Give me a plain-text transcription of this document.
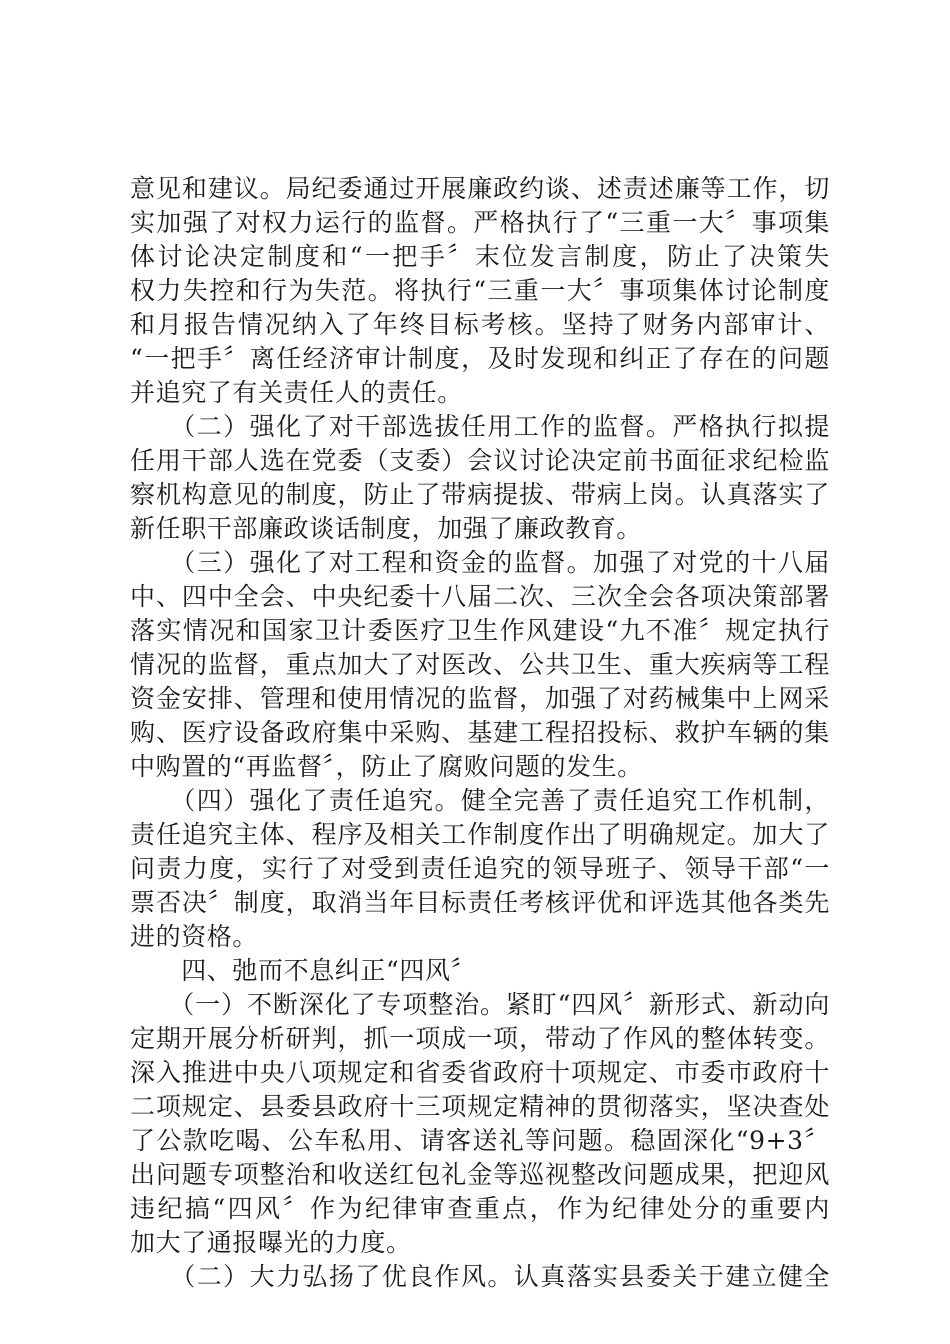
意见和建议。局纪委通过开展廉政约谈、述责述廉等工作，切
实加强了对权力运行的监督。严格执行了“三重一大〞事项集
体讨论决定制度和“一把手〞末位发言制度，防止了决策失
权力失控和行为失范。将执行“三重一大〞事项集体讨论制度
和月报告情况纳入了年终目标考核。坚持了财务内部审计、
“一把手〞离任经济审计制度，及时发现和纠正了存在的问题
并追究了有关责任人的责任。
　　（二）强化了对干部选拔任用工作的监督。严格执行拟提
任用干部人选在党委（支委）会议讨论决定前书面征求纪检监
察机构意见的制度，防止了带病提拔、带病上岗。认真落实了
新任职干部廉政谈话制度，加强了廉政教育。
　　（三）强化了对工程和资金的监督。加强了对党的十八届
中、四中全会、中央纪委十八届二次、三次全会各项决策部署
落实情况和国家卫计委医疗卫生作风建设“九不准〞规定执行
情况的监督，重点加大了对医改、公共卫生、重大疾病等工程
资金安排、管理和使用情况的监督，加强了对药械集中上网采
购、医疗设备政府集中采购、基建工程招投标、救护车辆的集
中购置的“再监督〞，防止了腐败问题的发生。
　　（四）强化了责任追究。健全完善了责任追究工作机制，
责任追究主体、程序及相关工作制度作出了明确规定。加大了
问责力度，实行了对受到责任追究的领导班子、领导干部“一
票否决〞制度，取消当年目标责任考核评优和评选其他各类先
进的资格。
　　四、弛而不息纠正“四风〞
　　（一）不断深化了专项整治。紧盯“四风〞新形式、新动向
定期开展分析研判，抓一项成一项，带动了作风的整体转变。
深入推进中央八项规定和省委省政府十项规定、市委市政府十
二项规定、县委县政府十三项规定精神的贯彻落实，坚决查处
了公款吃喝、公车私用、请客送礼等问题。稳固深化“9+3〞
出问题专项整治和收送红包礼金等巡视整改问题成果，把迎风
违纪搞“四风〞作为纪律审查重点，作为纪律处分的重要内
加大了通报曝光的力度。
　　（二）大力弘扬了优良作风。认真落实县委关于建立健全
